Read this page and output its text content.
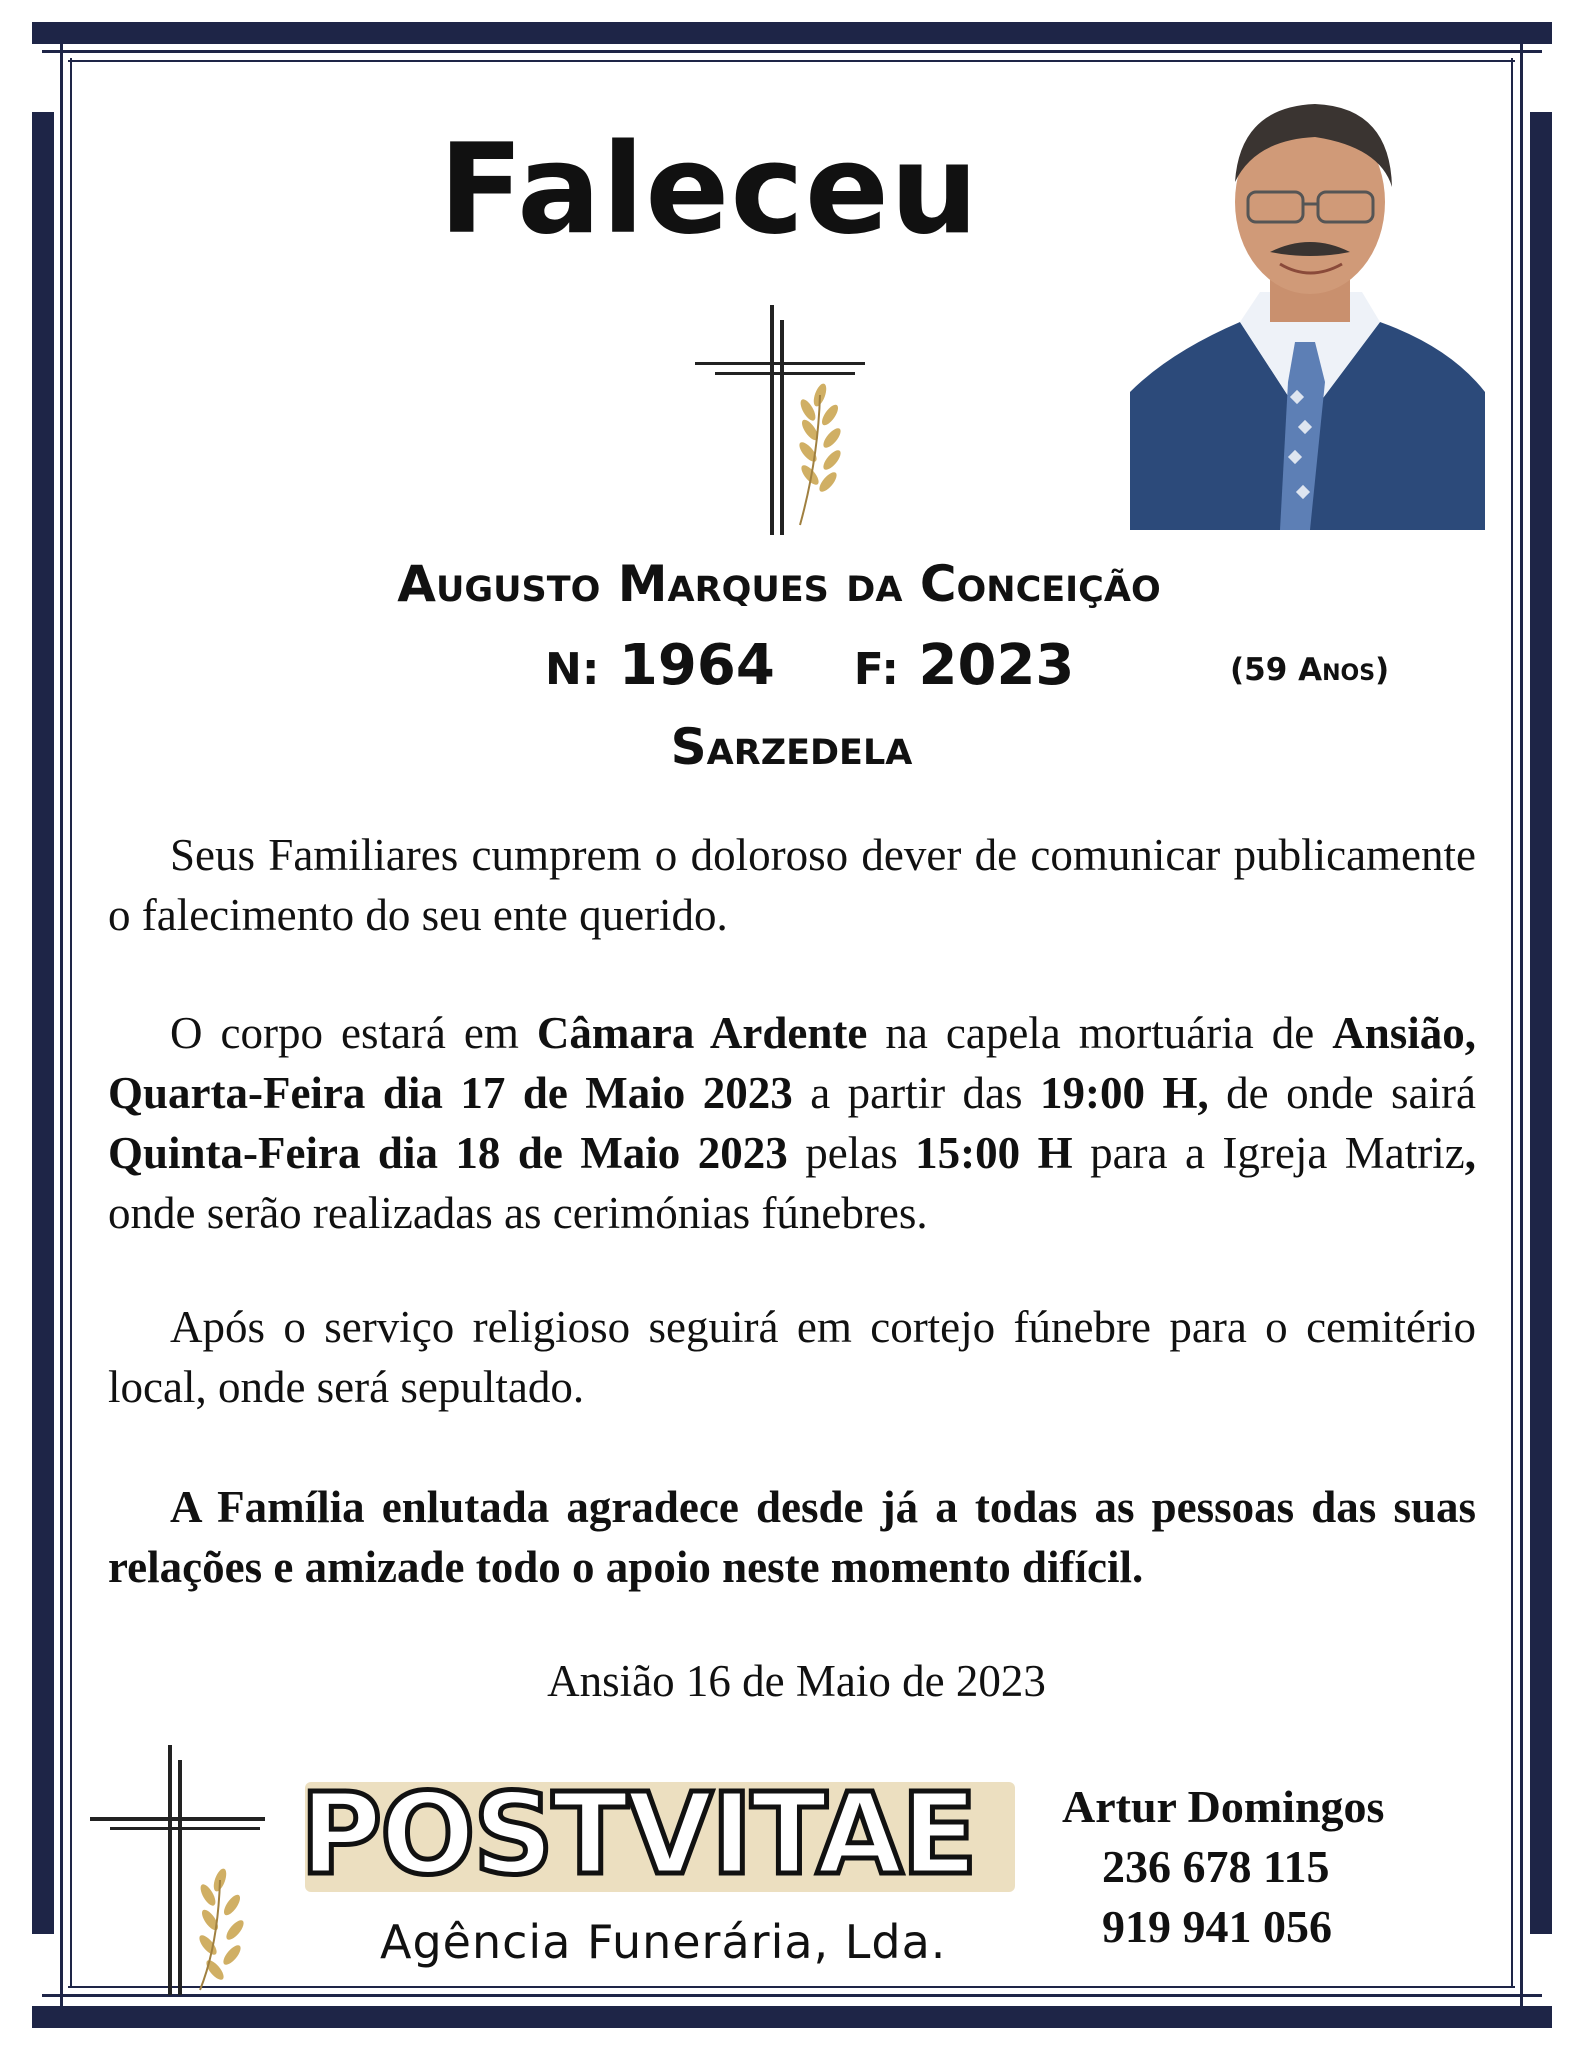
Faleceu
Augusto Marques da Conceição
N: 1964 F: 2023	(59 Anos)
Sarzedela
Seus Familiares cumprem o doloroso dever de comunicar publicamente o falecimento do seu ente querido.
O corpo estará em Câmara Ardente na capela mortuária de Ansião, Quarta-Feira dia 17 de Maio 2023 a partir das 19:00 H, de onde sairá Quinta-Feira dia 18 de Maio 2023 pelas 15:00 H para a Igreja Matriz, onde serão realizadas as cerimónias fúnebres.
Após o serviço religioso seguirá em cortejo fúnebre para o cemitério local, onde será sepultado.
A Família enlutada agradece desde já a todas as pessoas das suas relações e amizade todo o apoio neste momento difícil.
Ansião 16 de Maio de 2023
POSTVITAE
Agência Funerária, Lda.
Artur Domingos
236 678 115
919 941 056
